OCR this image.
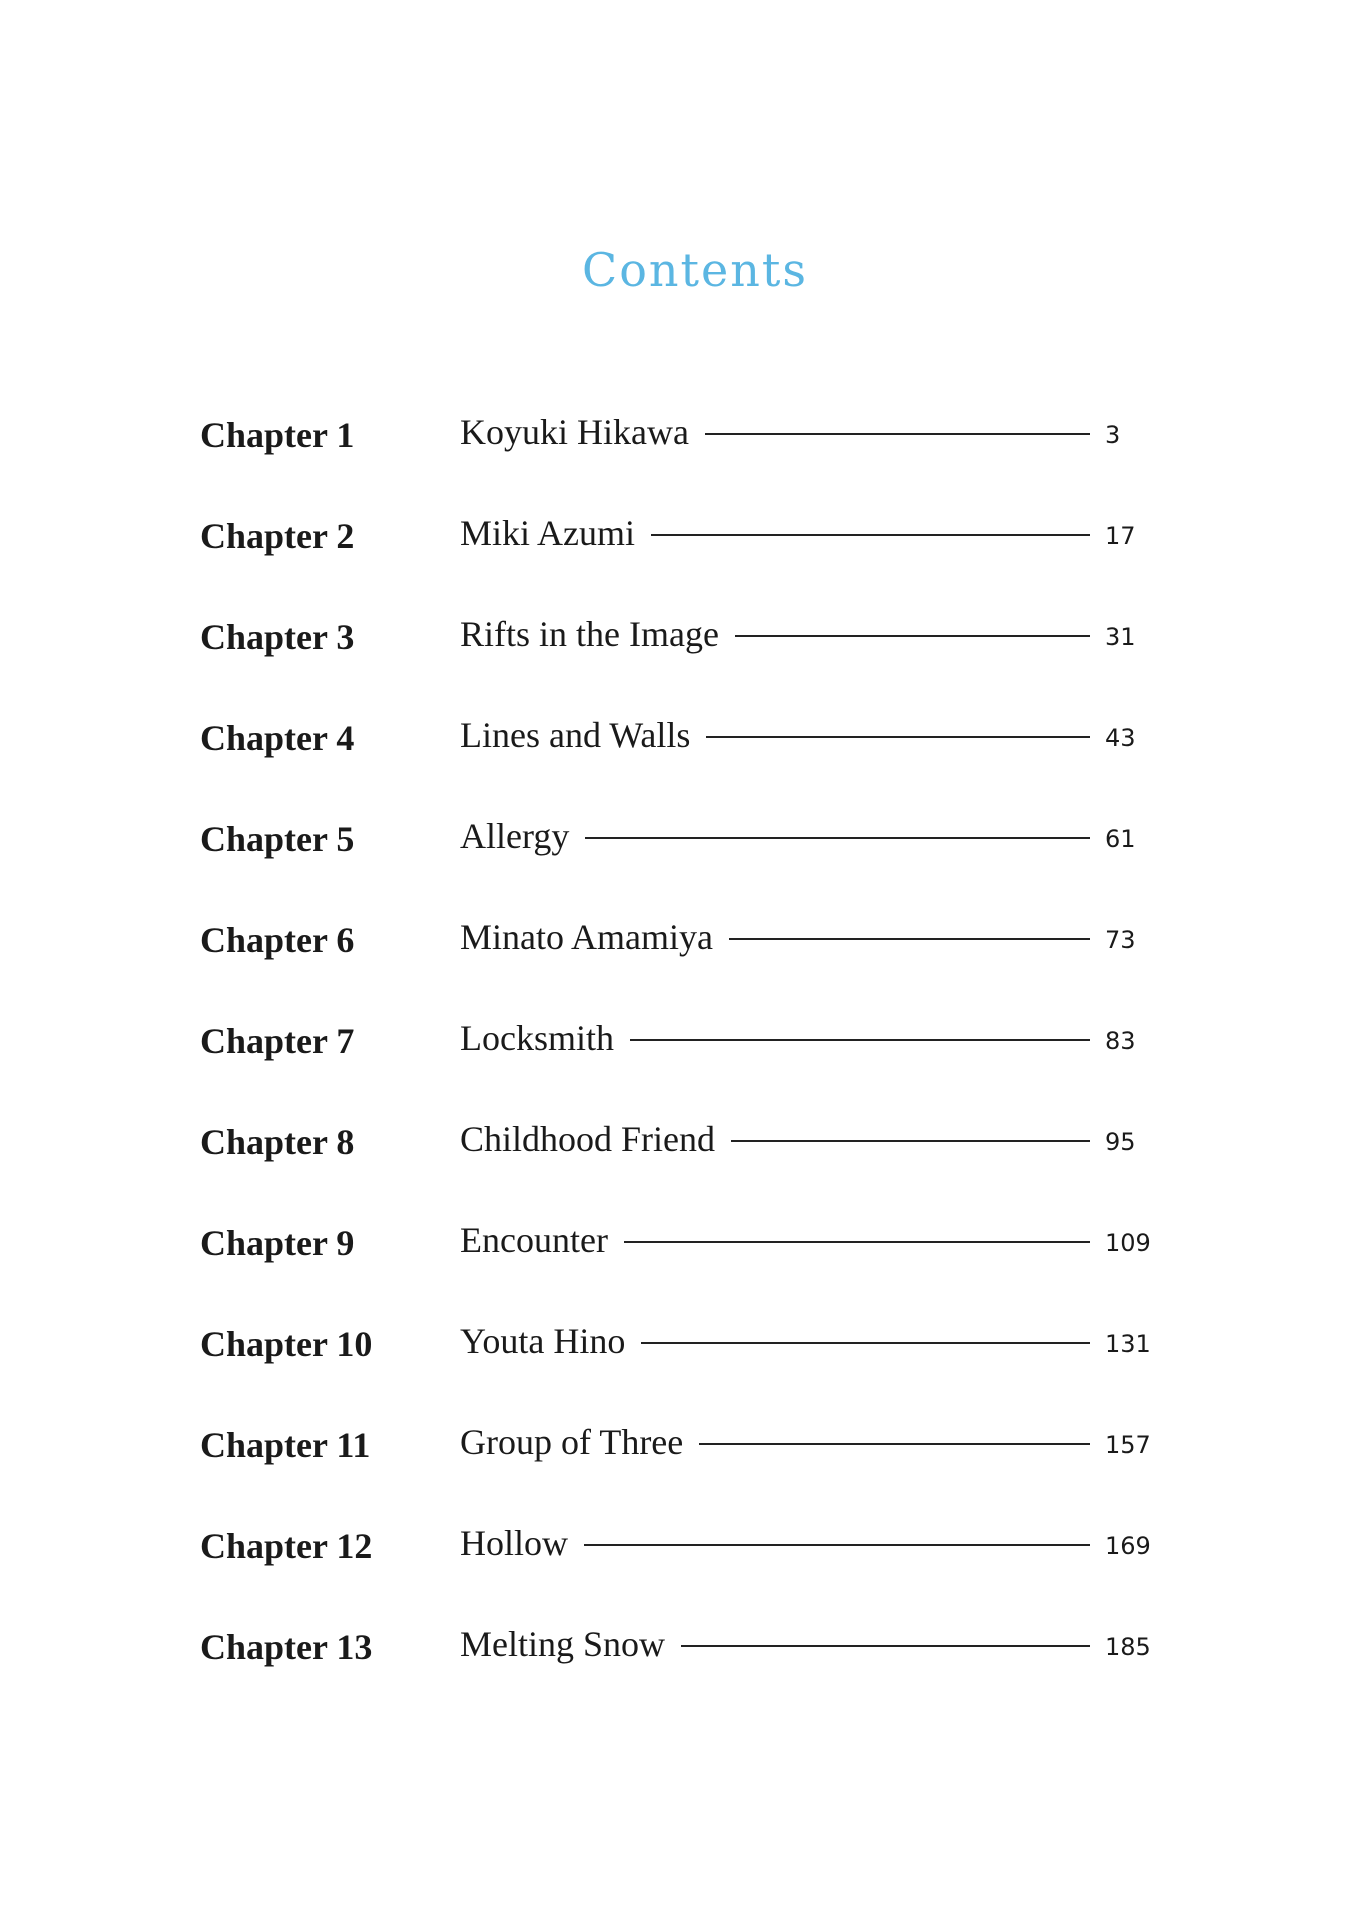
Contents
Chapter 1	Koyuki Hikawa	3
Chapter 2	Miki Azumi	17
Chapter 3	Rifts in the Image	31
Chapter 4	Lines and Walls	43
Chapter 5	Allergy	61
Chapter 6	Minato Amamiya	73
Chapter 7	Locksmith	83
Chapter 8	Childhood Friend	95
Chapter 9	Encounter	109
Chapter 10 Youta Hino	131
Chapter 11 Group of Three	157
Chapter 12 Hollow	169
Chapter 13 Melting Snow	185
